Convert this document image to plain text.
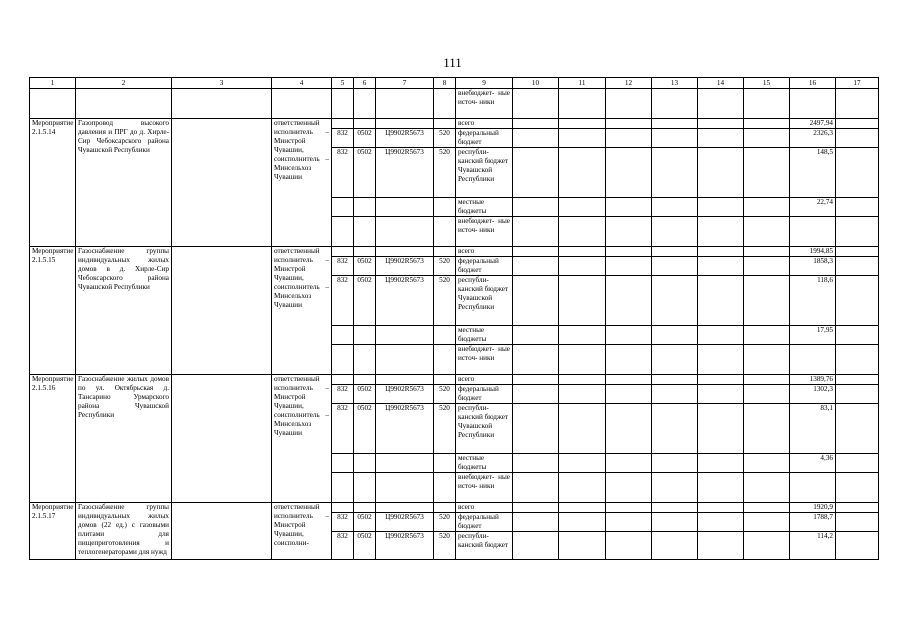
111
1	2	3	4	5	6	7	8	9	10	11	12	13	14	15	16	17
								внебюджет- ные источ- ники								
Мероприятие 2.1.5.14	Газопровод высокого давления и ПРГ до д. Хирле-Сир Чебоксарского района Чувашской Республики		ответственный исполнитель – Минстрой Чувашии, соисполнитель – Минсельхоз Чувашии					всего							2497,94	
				832	0502	Ц9902R5673	520	федеральный бюджет							2326,3	
				832	0502	Ц9902R5673	520	республи- канский бюджет Чувашской Республики							148,5	
								местные бюджеты							22,74	
								внебюджет- ные источ- ники								
Мероприятие 2.1.5.15	Газоснабжение группы индивидуальных жилых домов в д. Хирле-Сир Чебоксарского района Чувашской Республики		ответственный исполнитель – Минстрой Чувашии, соисполнитель – Минсельхоз Чувашии					всего							1994,85	
				832	0502	Ц9902R5673	520	федеральный бюджет							1858,3	
				832	0502	Ц9902R5673	520	республи- канский бюджет Чувашской Республики							118,6	
								местные бюджеты							17,95	
								внебюджет- ные источ- ники								
Мероприятие 2.1.5.16	Газоснабжение жилых домов по ул. Октябрьская д. Тансарино Урмарского района Чувашской Республики		ответственный исполнитель – Минстрой Чувашии, соисполнитель – Минсельхоз Чувашии					всего							1389,76	
				832	0502	Ц9902R5673	520	федеральный бюджет							1302,3	
				832	0502	Ц9902R5673	520	республи- канский бюджет Чувашской Республики							83,1	
								местные бюджеты							4,36	
								внебюджет- ные источ- ники								
Мероприятие 2.1.5.17	Газоснабжение группы индивидуальных жилых домов (22 ед.) с газовыми плитами для пищеприготовления и теплогенераторами для нужд		ответственный исполнитель – Минстрой Чувашии, соисполни-					всего							1920,9	
				832	0502	Ц9902R5673	520	федеральный бюджет							1788,7	
				832	0502	Ц9902R5673	520	республи- канский бюджет							114,2	
